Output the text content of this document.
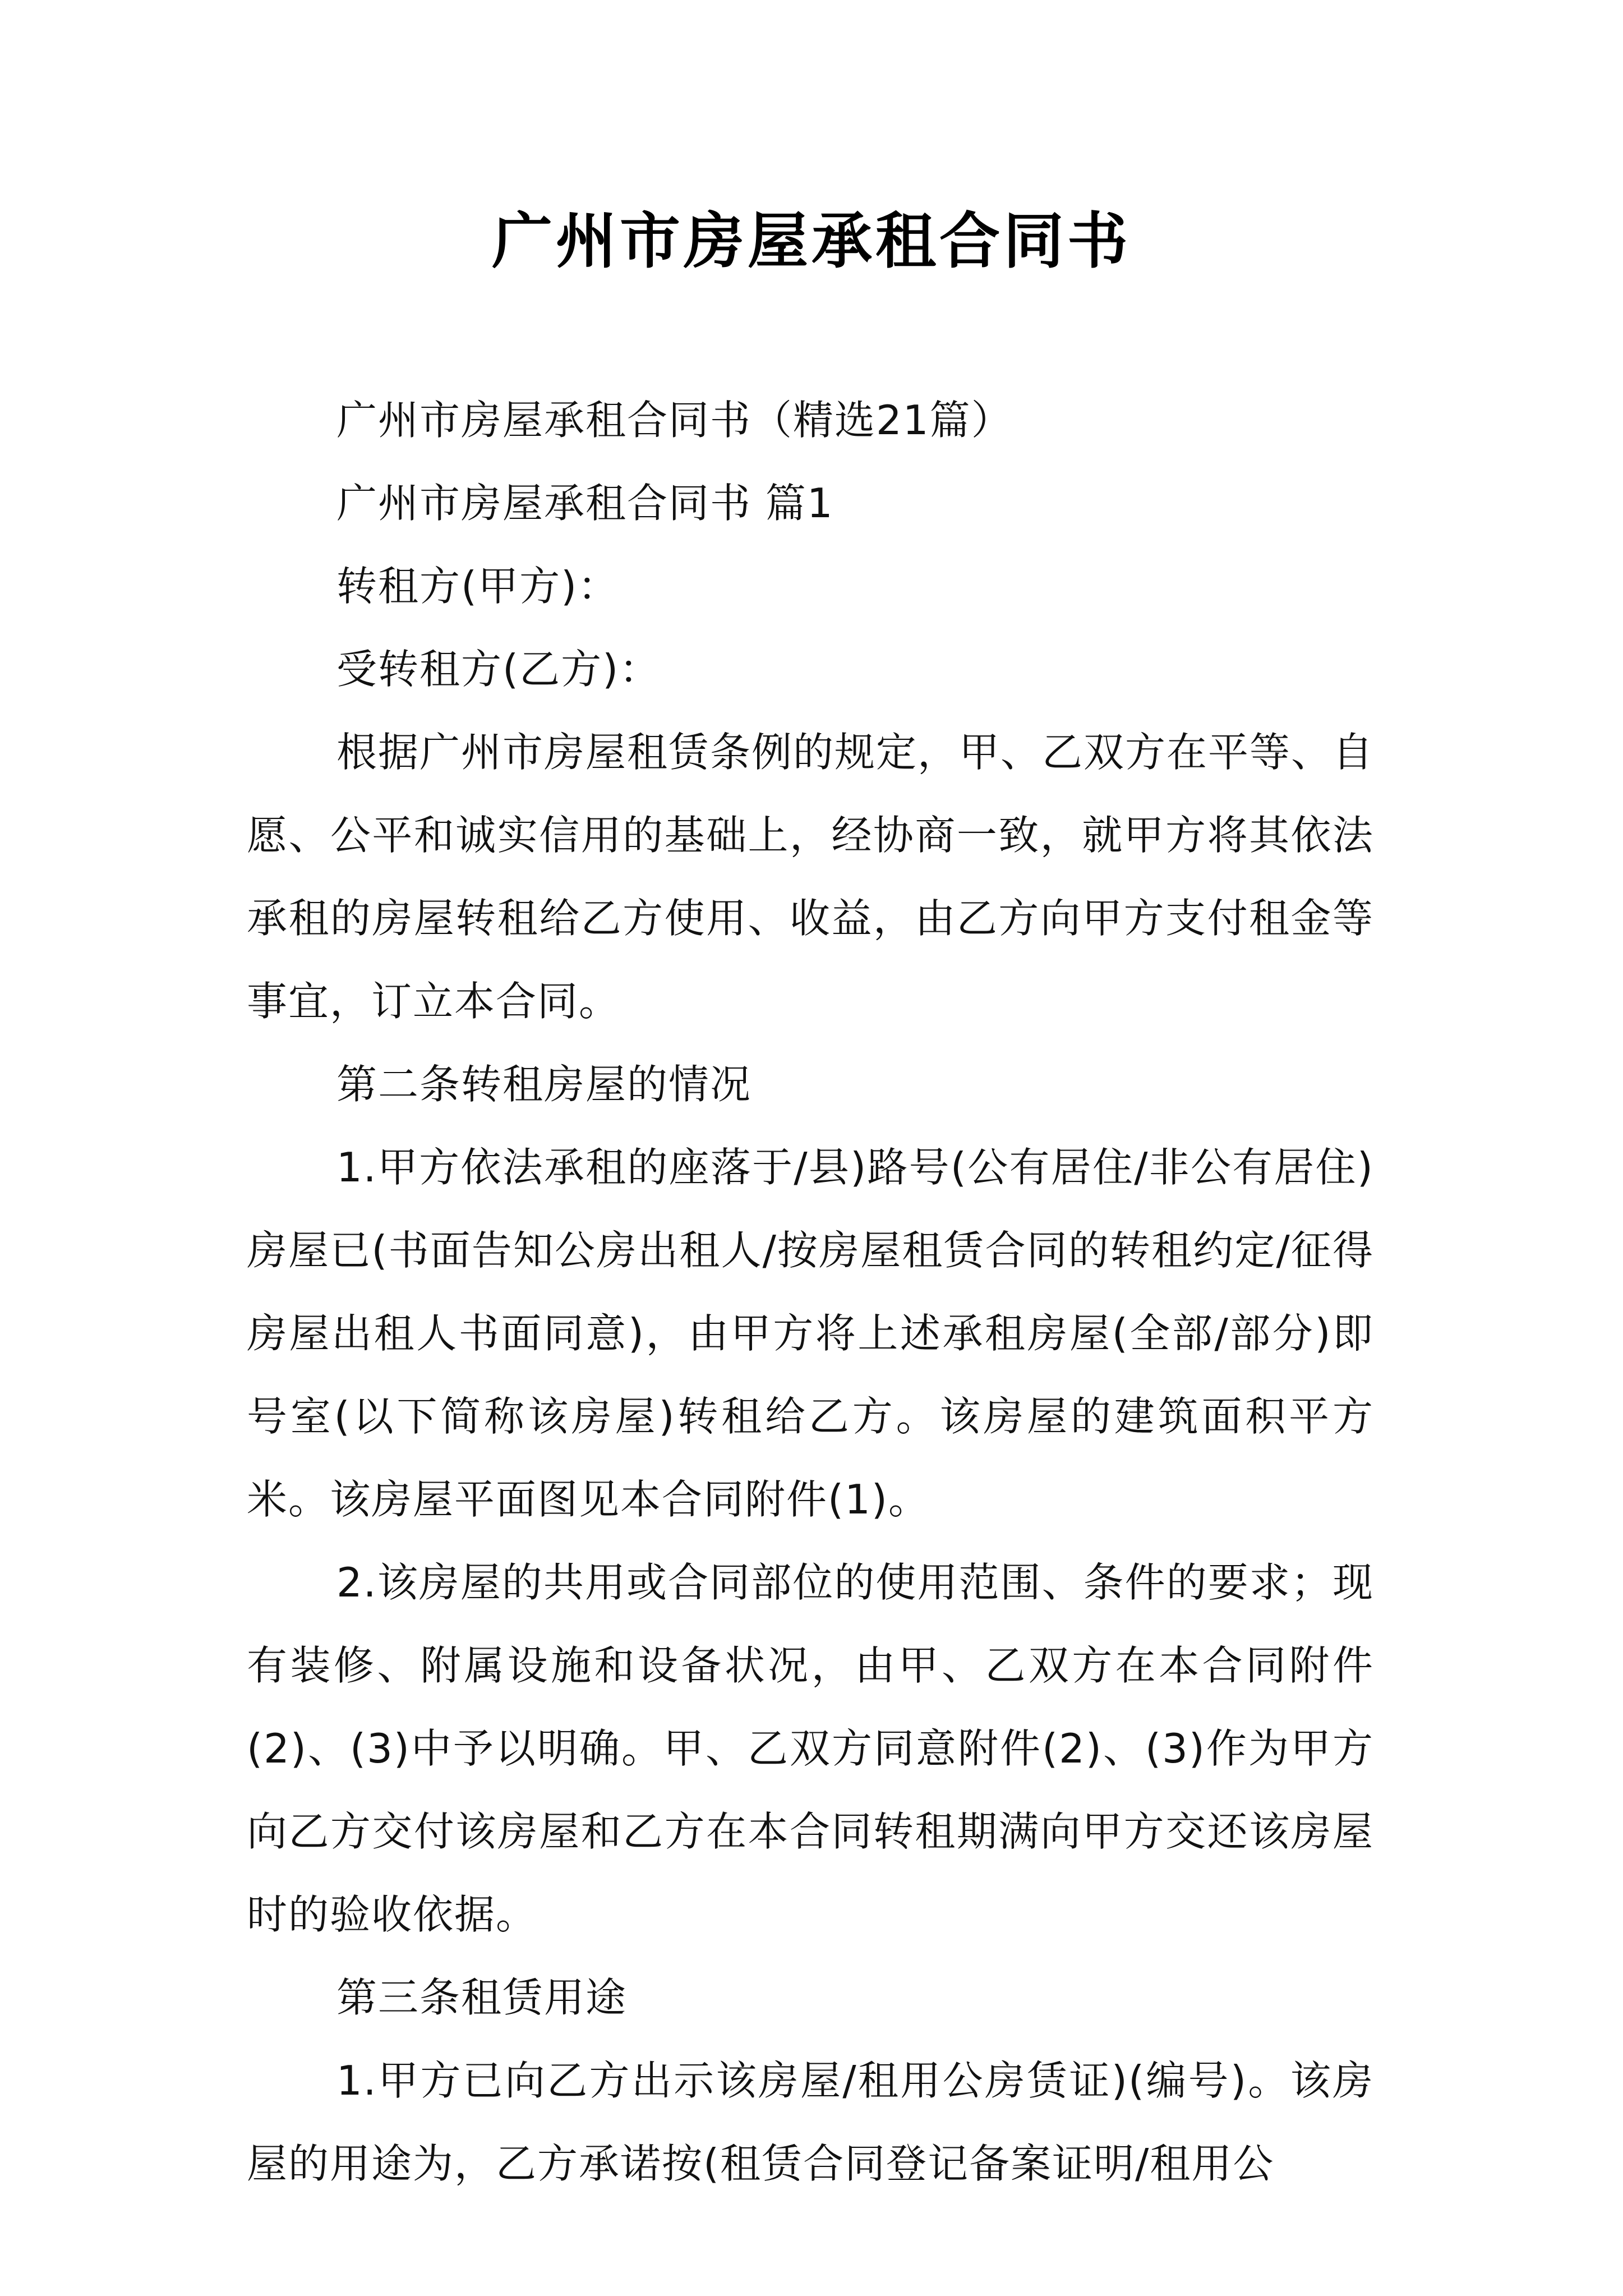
广州市房屋承租合同书

广州市房屋承租合同书（精选21篇）

广州市房屋承租合同书 篇1

转租方(甲方)：

受转租方(乙方)：

根据广州市房屋租赁条例的规定，甲、乙双方在平等、自愿、公平和诚实信用的基础上，经协商一致，就甲方将其依法承租的房屋转租给乙方使用、收益，由乙方向甲方支付租金等事宜，订立本合同。

第二条转租房屋的情况

1.甲方依法承租的座落于/县)路号(公有居住/非公有居住)房屋已(书面告知公房出租人/按房屋租赁合同的转租约定/征得房屋出租人书面同意)，由甲方将上述承租房屋(全部/部分)即号室(以下简称该房屋)转租给乙方。该房屋的建筑面积平方米。该房屋平面图见本合同附件(1)。

2.该房屋的共用或合同部位的使用范围、条件的要求；现有装修、附属设施和设备状况，由甲、乙双方在本合同附件(2)、(3)中予以明确。甲、乙双方同意附件(2)、(3)作为甲方向乙方交付该房屋和乙方在本合同转租期满向甲方交还该房屋时的验收依据。

第三条租赁用途

1.甲方已向乙方出示该房屋/租用公房赁证)(编号)。该房屋的用途为，乙方承诺按(租赁合同登记备案证明/租用公
